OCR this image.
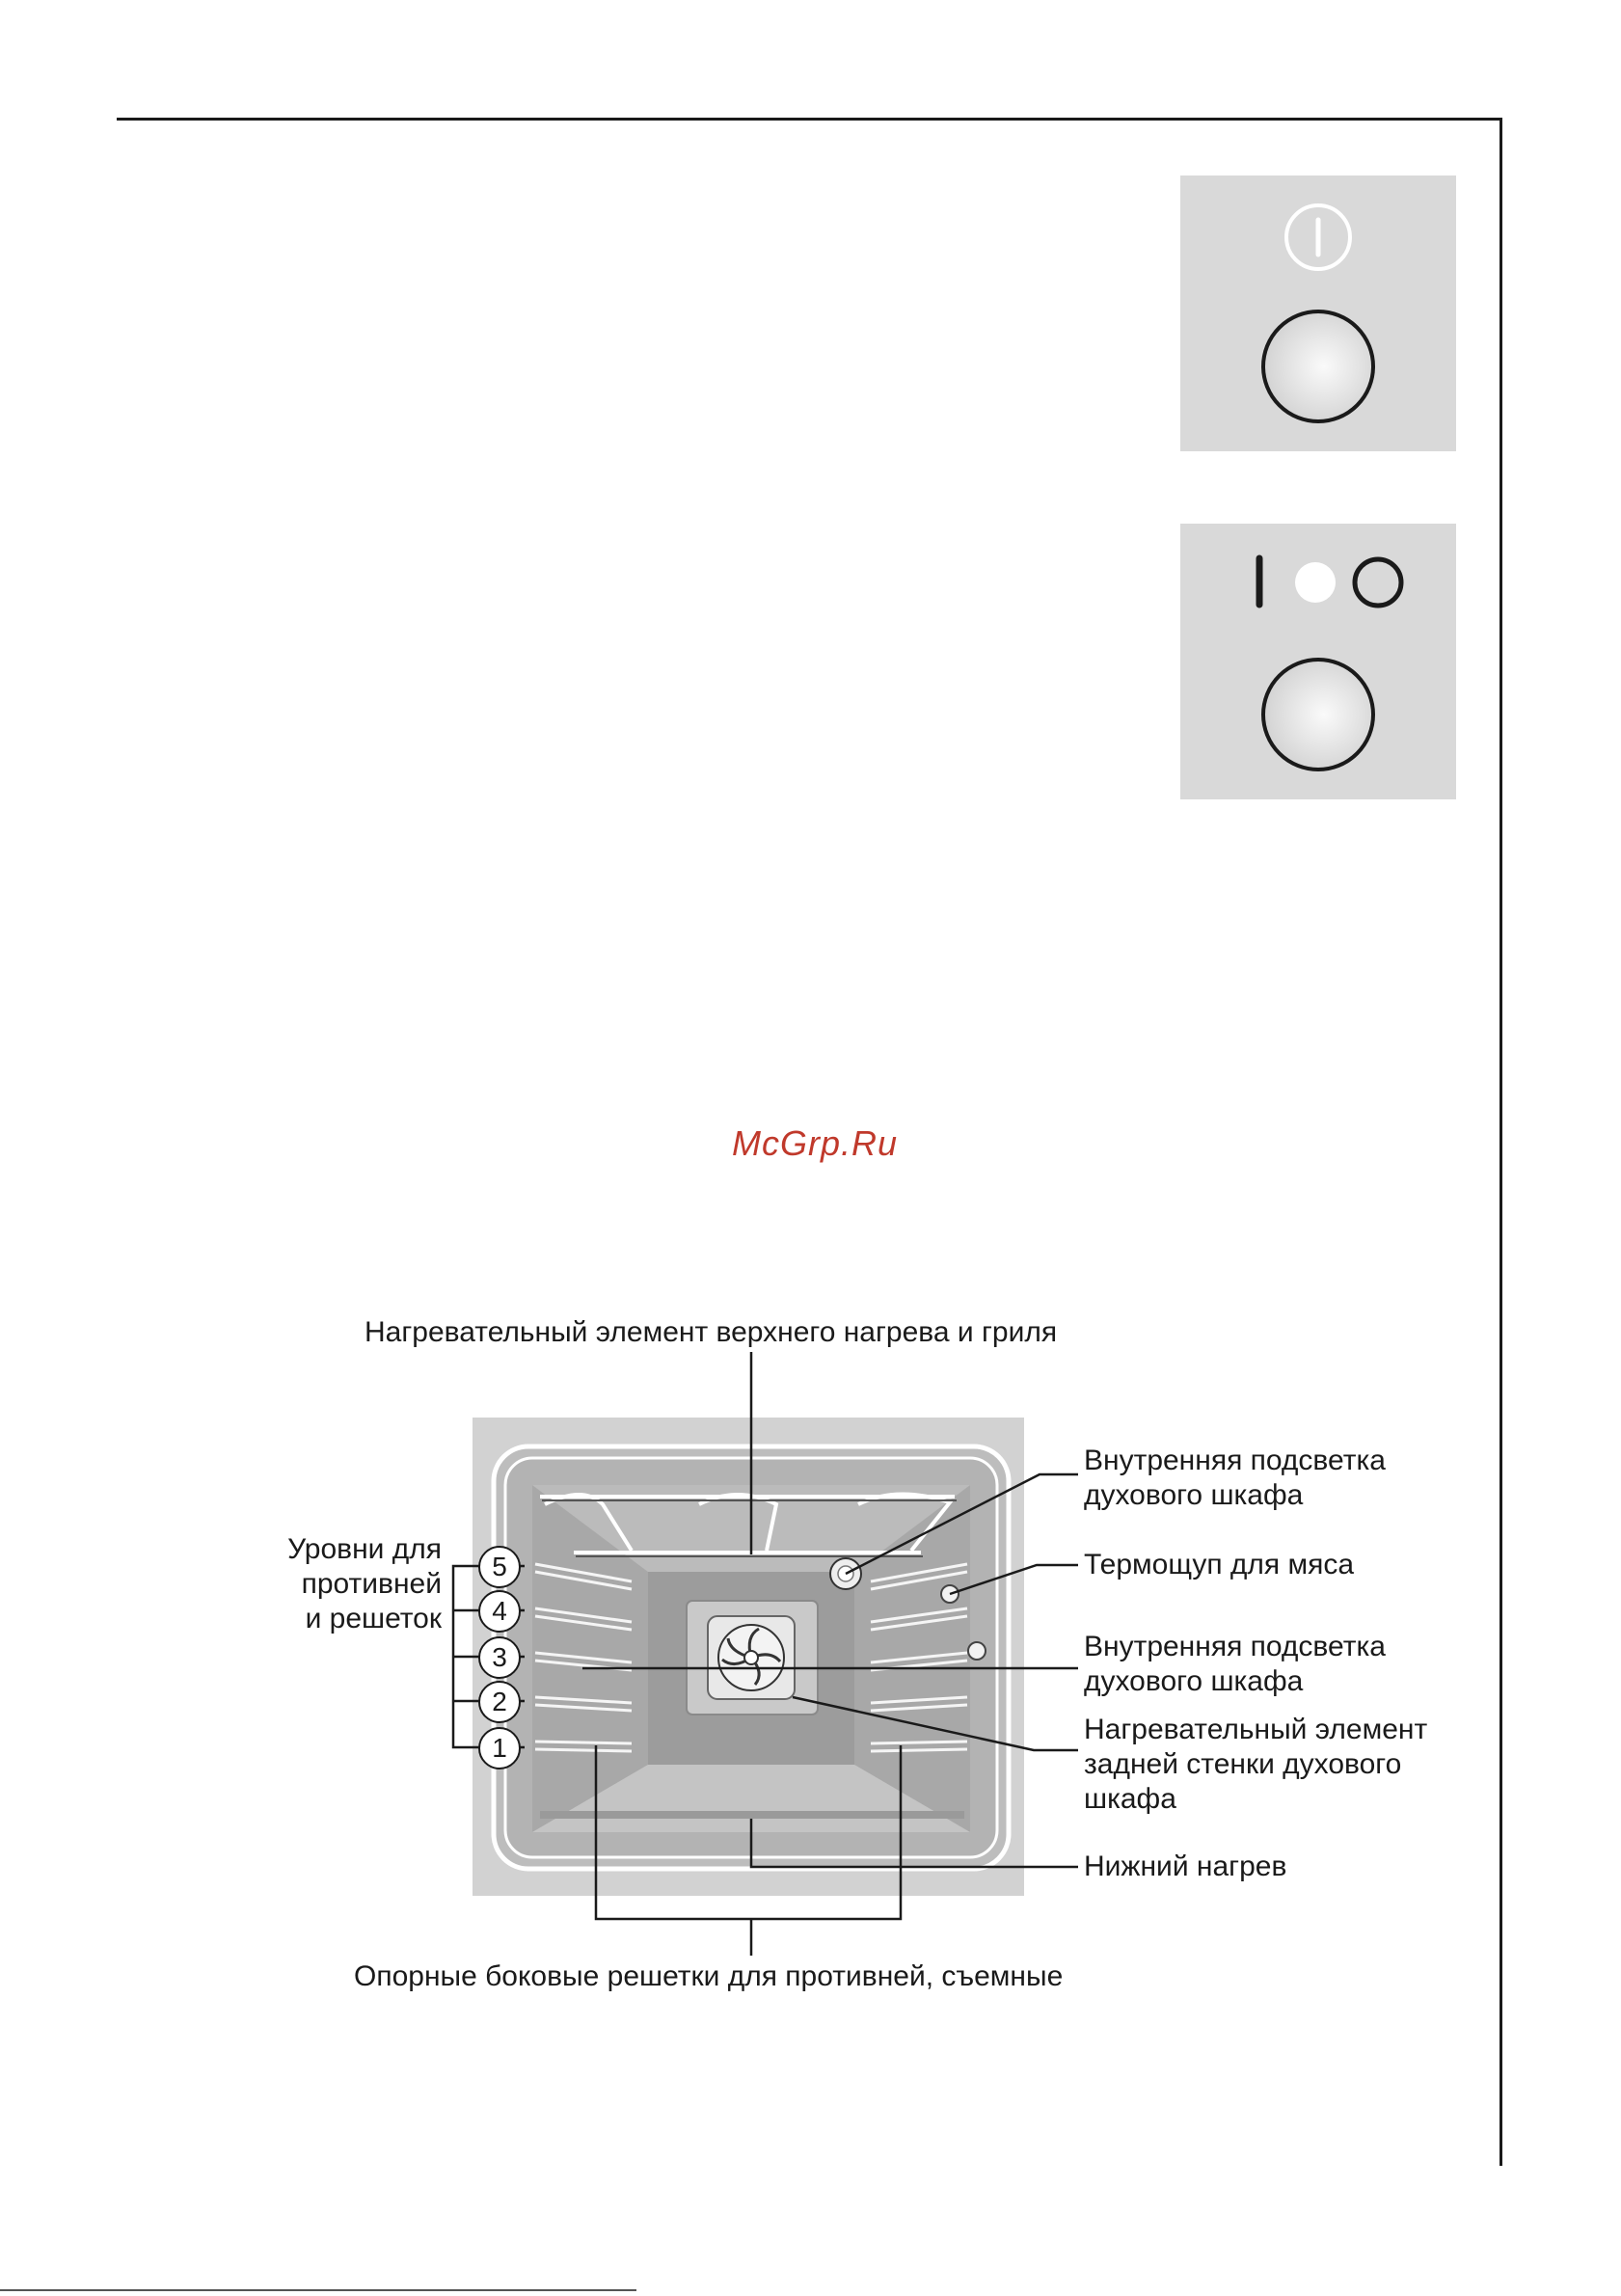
McGrp.Ru
5
4
3
2
1
Нагревательный элемент верхнего нагрева и гриля
Внутренняя подсветка
духового шкафа
Термощуп для мяса
Внутренняя подсветка
духового шкафа
Нагревательный элемент
задней стенки духового
шкафа
Нижний нагрев
Уровни для
противней
и решеток
Опорные боковые решетки для противней, съемные
